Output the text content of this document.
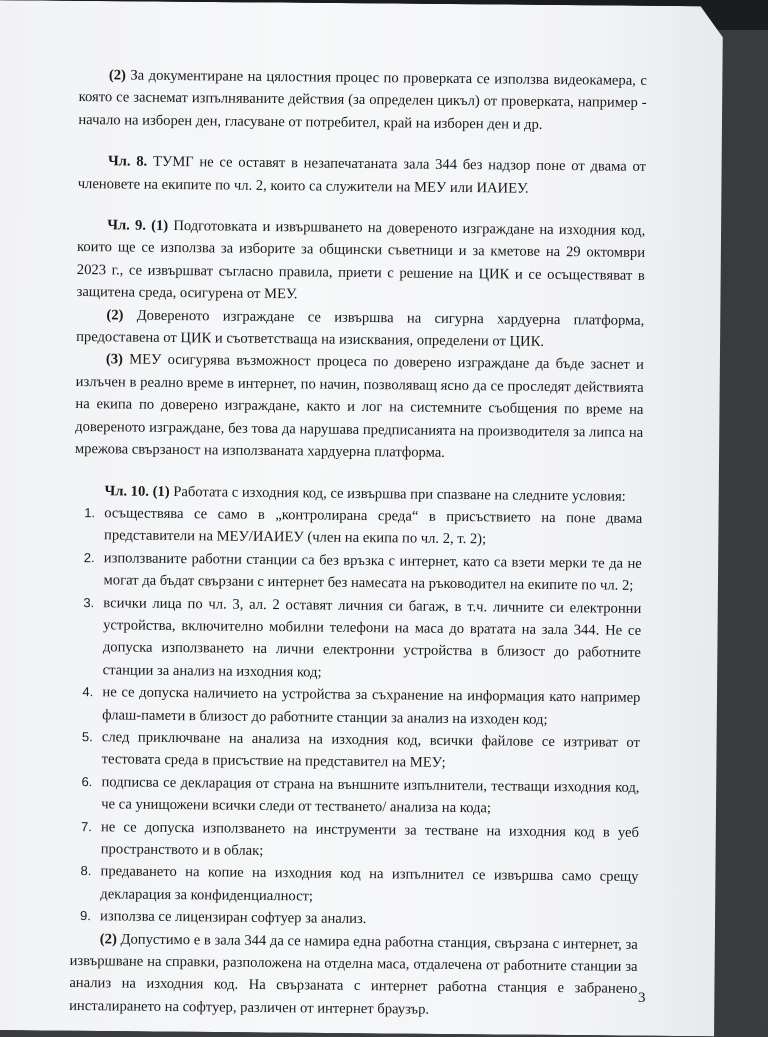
(2) За документиране на цялостния процес по проверката се използва видеокамера, с която се заснемат изпълняваните действия (за определен цикъл) от проверката, например - начало на изборен ден, гласуване от потребител, край на изборен ден и др.

Чл. 8. ТУМГ не се оставят в незапечатаната зала 344 без надзор поне от двама от членовете на екипите по чл. 2, които са служители на МЕУ или ИАИЕУ.

Чл. 9. (1) Подготовката и извършването на довереното изграждане на изходния код, които ще се използва за изборите за общински съветници и за кметове на 29 октомври 2023 г., се извършват съгласно правила, приети с решение на ЦИК и се осъществяват в защитена среда, осигурена от МЕУ.

(2) Довереното изграждане се извършва на сигурна хардуерна платформа, предоставена от ЦИК и съответстваща на изисквания, определени от ЦИК.

(3) МЕУ осигурява възможност процеса по доверено изграждане да бъде заснет и излъчен в реално време в интернет, по начин, позволяващ ясно да се проследят действията на екипа по доверено изграждане, както и лог на системните съобщения по време на довереното изграждане, без това да нарушава предписанията на производителя за липса на мрежова свързаност на използваната хардуерна платформа.

Чл. 10. (1) Работата с изходния код, се извършва при спазване на следните условия:

1. осъществява се само в „контролирана среда“ в присъствието на поне двама представители на МЕУ/ИАИЕУ (член на екипа по чл. 2, т. 2);
2. използваните работни станции са без връзка с интернет, като са взети мерки те да не могат да бъдат свързани с интернет без намесата на ръководител на екипите по чл. 2;
3. всички лица по чл. 3, ал. 2 оставят личния си багаж, в т.ч. личните си електронни устройства, включително мобилни телефони на маса до вратата на зала 344. Не се допуска използването на лични електронни устройства в близост до работните станции за анализ на изходния код;
4. не се допуска наличието на устройства за съхранение на информация като например флаш-памети в близост до работните станции за анализ на изходен код;
5. след приключване на анализа на изходния код, всички файлове се изтриват от тестовата среда в присъствие на представител на МЕУ;
6. подписва се декларация от страна на външните изпълнители, тестващи изходния код, че са унищожени всички следи от тестването/ анализа на кода;
7. не се допуска използването на инструменти за тестване на изходния код в уеб пространството и в облак;
8. предаването на копие на изходния код на изпълнител се извършва само срещу декларация за конфиденциалност;
9. използва се лицензиран софтуер за анализ.

(2) Допустимо е в зала 344 да се намира една работна станция, свързана с интернет, за извършване на справки, разположена на отделна маса, отдалечена от работните станции за анализ на изходния код. На свързаната с интернет работна станция е забранено инсталирането на софтуер, различен от интернет браузър.	3
